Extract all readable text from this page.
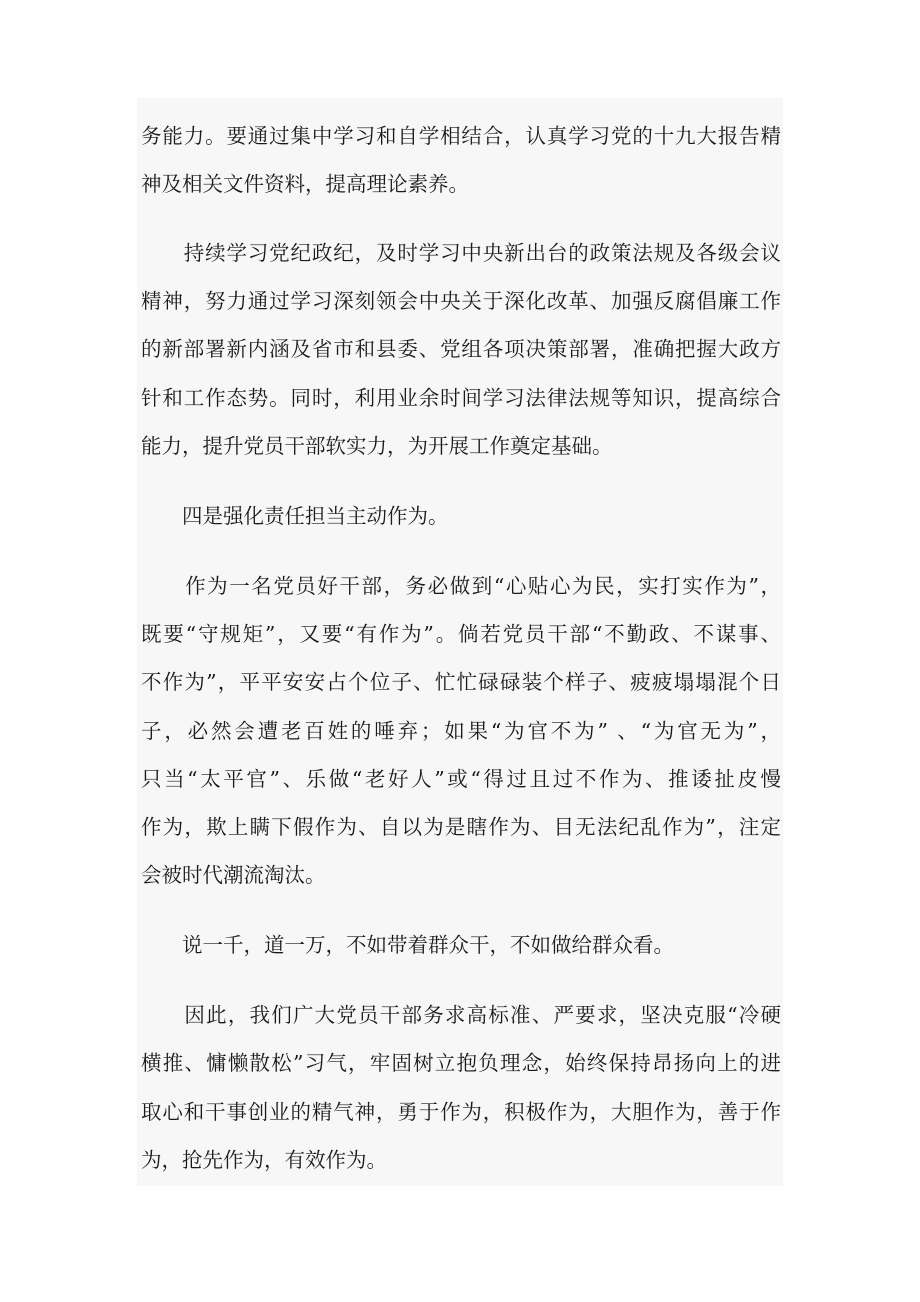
务能力。要通过集中学习和自学相结合，认真学习党的十九大报告精

神及相关文件资料，提高理论素养。

　　持续学习党纪政纪，及时学习中央新出台的政策法规及各级会议

精神，努力通过学习深刻领会中央关于深化改革、加强反腐倡廉工作

的新部署新内涵及省市和县委、党组各项决策部署，准确把握大政方

针和工作态势。同时，利用业余时间学习法律法规等知识，提高综合

能力，提升党员干部软实力，为开展工作奠定基础。

　　四是强化责任担当主动作为。

　　作为一名党员好干部，务必做到“心贴心为民，实打实作为”，

既要“守规矩”，又要“有作为”。倘若党员干部“不勤政、不谋事、

不作为”，平平安安占个位子、忙忙碌碌装个样子、疲疲塌塌混个日

子，必然会遭老百姓的唾弃；如果“为官不为” 、“为官无为”，

只当“太平官”、乐做“老好人”或“得过且过不作为、推诿扯皮慢

作为，欺上瞒下假作为、自以为是瞎作为、目无法纪乱作为”，注定

会被时代潮流淘汰。

　　说一千，道一万，不如带着群众干，不如做给群众看。

　　因此，我们广大党员干部务求高标准、严要求，坚决克服“冷硬

横推、慵懒散松”习气，牢固树立抱负理念，始终保持昂扬向上的进

取心和干事创业的精气神，勇于作为，积极作为，大胆作为，善于作

为，抢先作为，有效作为。
